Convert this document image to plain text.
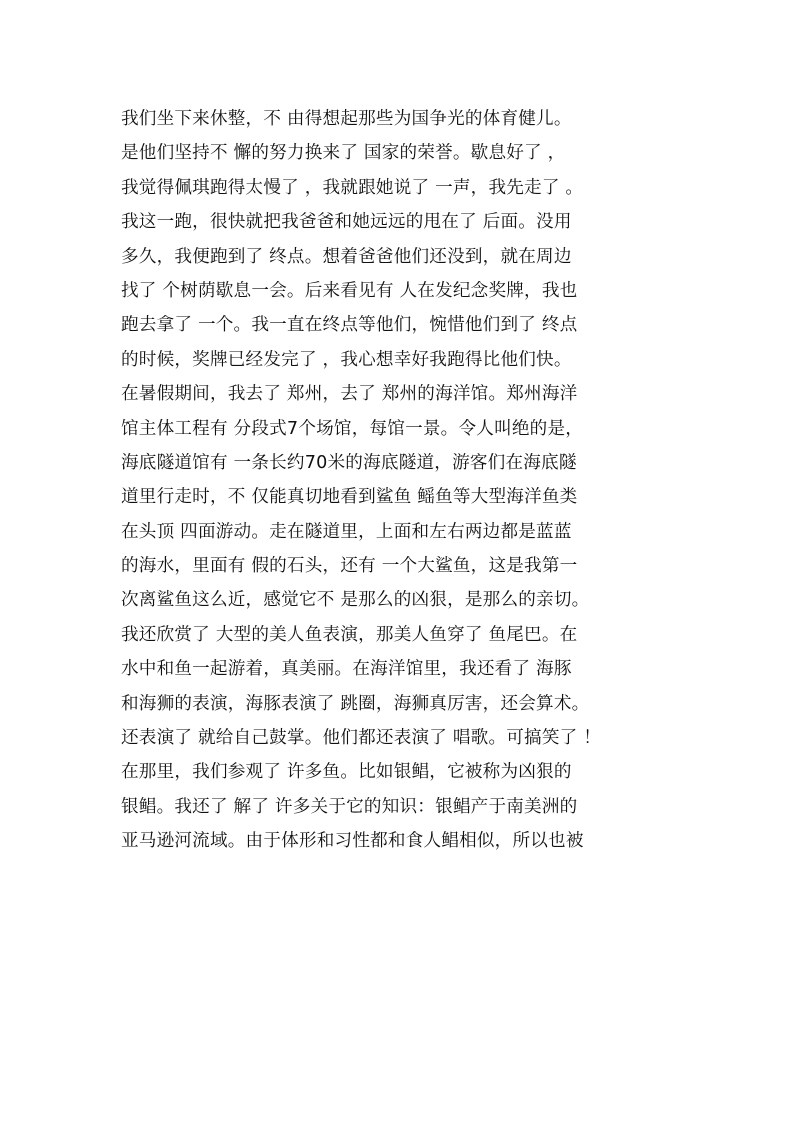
我们坐下来休整，不 由得想起那些为国争光的体育健儿。
是他们坚持不 懈的努力换来了 国家的荣誉。歇息好了 ，
我觉得佩琪跑得太慢了 ，我就跟她说了 一声，我先走了 。
我这一跑，很快就把我爸爸和她远远的甩在了 后面。没用
多久，我便跑到了 终点。想着爸爸他们还没到，就在周边
找了 个树荫歇息一会。后来看见有 人在发纪念奖牌，我也
跑去拿了 一个。我一直在终点等他们，惋惜他们到了 终点
的时候，奖牌已经发完了 ，我心想幸好我跑得比他们快。
在暑假期间，我去了 郑州，去了 郑州的海洋馆。郑州海洋
馆主体工程有 分段式7个场馆，每馆一景。令人叫绝的是，
海底隧道馆有 一条长约70米的海底隧道，游客们在海底隧
道里行走时，不 仅能真切地看到鲨鱼 鳐鱼等大型海洋鱼类
在头顶 四面游动。走在隧道里，上面和左右两边都是蓝蓝
的海水，里面有 假的石头，还有 一个大鲨鱼，这是我第一
次离鲨鱼这么近，感觉它不 是那么的凶狠，是那么的亲切。
我还欣赏了 大型的美人鱼表演，那美人鱼穿了 鱼尾巴。在
水中和鱼一起游着，真美丽。在海洋馆里，我还看了 海豚
和海狮的表演，海豚表演了 跳圈，海狮真厉害，还会算术。
还表演了 就给自己鼓掌。他们都还表演了 唱歌。可搞笑了 ！
在那里，我们参观了 许多鱼。比如银鲳，它被称为凶狠的
银鲳。我还了 解了 许多关于它的知识：银鲳产于南美洲的
亚马逊河流域。由于体形和习性都和食人鲳相似，所以也被
